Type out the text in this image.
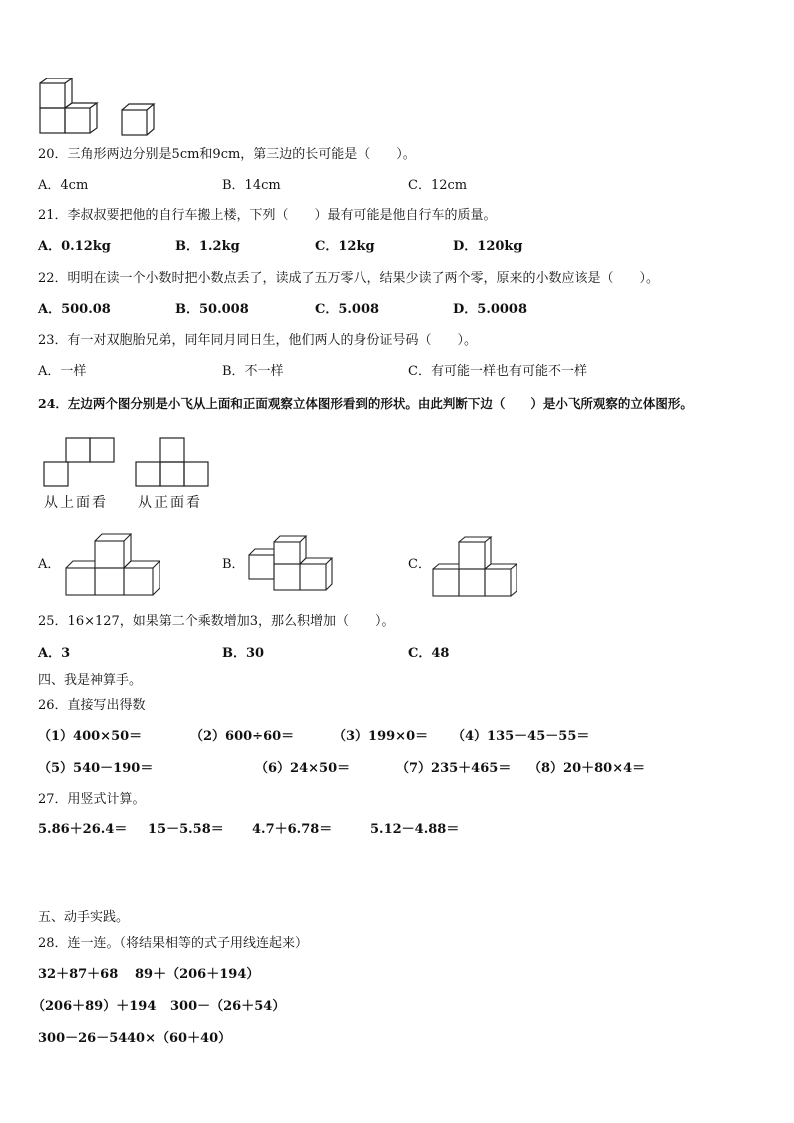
20．三角形两边分别是5cm和9cm，第三边的长可能是（　　）。
A．4cm	B．14cm	C．12cm
21．李叔叔要把他的自行车搬上楼，下列（　　）最有可能是他自行车的质量。
A．0.12kg	B．1.2kg	C．12kg	D．120kg
22．明明在读一个小数时把小数点丢了，读成了五万零八，结果少读了两个零，原来的小数应该是（　　）。
A．500.08	B．50.008	C．5.008	D．5.0008
23．有一对双胞胎兄弟，同年同月同日生，他们两人的身份证号码（　　）。
A．一样	B．不一样	C．有可能一样也有可能不一样
24．左边两个图分别是小飞从上面和正面观察立体图形看到的形状。由此判断下边（　　）是小飞所观察的立体图形。
从上面看 从正面看
A．	B．	C．
25．16×127，如果第二个乘数增加3，那么积增加（　　）。
A．3	B．30	C．48
四、我是神算手。
26．直接写出得数
（1）400×50＝	（2）600÷60＝	（3）199×0＝ （4）135－45－55＝
（5）540－190＝	（6）24×50＝	（7）235＋465＝ （8）20＋80×4＝
27．用竖式计算。
5.86＋26.4＝ 15－5.58＝ 4.7＋6.78＝	5.12－4.88＝
五、动手实践。
28．连一连。（将结果相等的式子用线连起来）
32＋87＋68 89＋（206＋194）
（206＋89）＋194 300－（26＋54）
300－26－54 40×（60＋40）
